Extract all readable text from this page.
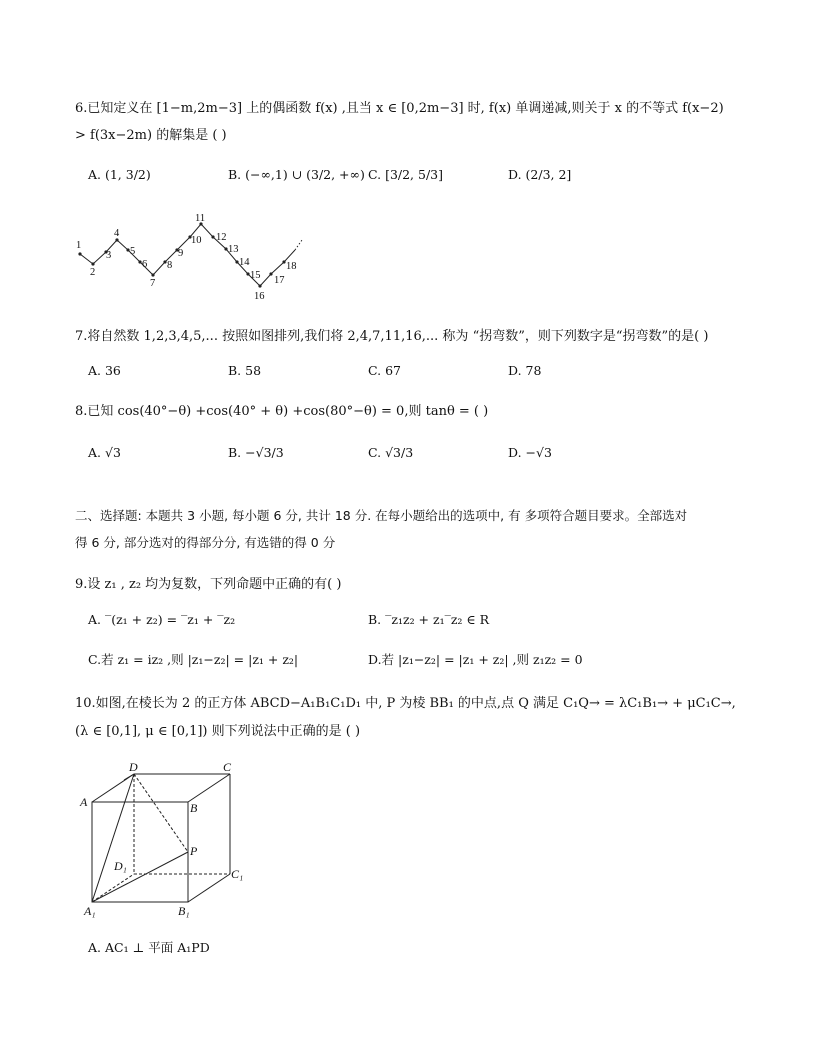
6.已知定义在 [1−m,2m−3] 上的偶函数 f(x) ,且当 x ∈ [0,2m−3] 时, f(x) 单调递减,则关于 x 的不等式 f(x−2)
> f(3x−2m) 的解集是 ( )
A. (1, 3/2)	B. (−∞,1) ∪ (3/2, +∞) C. [3/2, 5/3]	D. (2/3, 2]
1
2
3
4
5
6
7
8
9
10
11
12
13
14
15
16
17
18
7.将自然数 1,2,3,4,5,... 按照如图排列,我们将 2,4,7,11,16,... 称为 “拐弯数”，则下列数字是“拐弯数”的是( )
A. 36	B. 58	C. 67	D. 78
8.已知 cos(40°−θ) +cos(40° + θ) +cos(80°−θ) = 0,则 tanθ = ( )
A. √3	B. −√3/3	C. √3/3	D. −√3
二、选择题: 本题共 3 小题, 每小题 6 分, 共计 18 分. 在每小题给出的选项中, 有 多项符合题目要求。全部选对
得 6 分, 部分选对的得部分分, 有选错的得 0 分
9.设 z₁ , z₂ 均为复数，下列命题中正确的有( )
A. ‾(z₁ + z₂) = ‾z₁ + ‾z₂	B. ‾z₁z₂ + z₁‾z₂ ∈ R
C.若 z₁ = iz₂ ,则 |z₁−z₂| = |z₁ + z₂|	D.若 |z₁−z₂| = |z₁ + z₂| ,则 z₁z₂ = 0
10.如图,在棱长为 2 的正方体 ABCD−A₁B₁C₁D₁ 中, P 为棱 BB₁ 的中点,点 Q 满足 C₁Q→ = λC₁B₁→ + μC₁C→,
(λ ∈ [0,1], μ ∈ [0,1]) 则下列说法中正确的是 ( )
D	C
A	B
P
D₁
C₁
A₁	B₁
A. AC₁ ⊥ 平面 A₁PD
